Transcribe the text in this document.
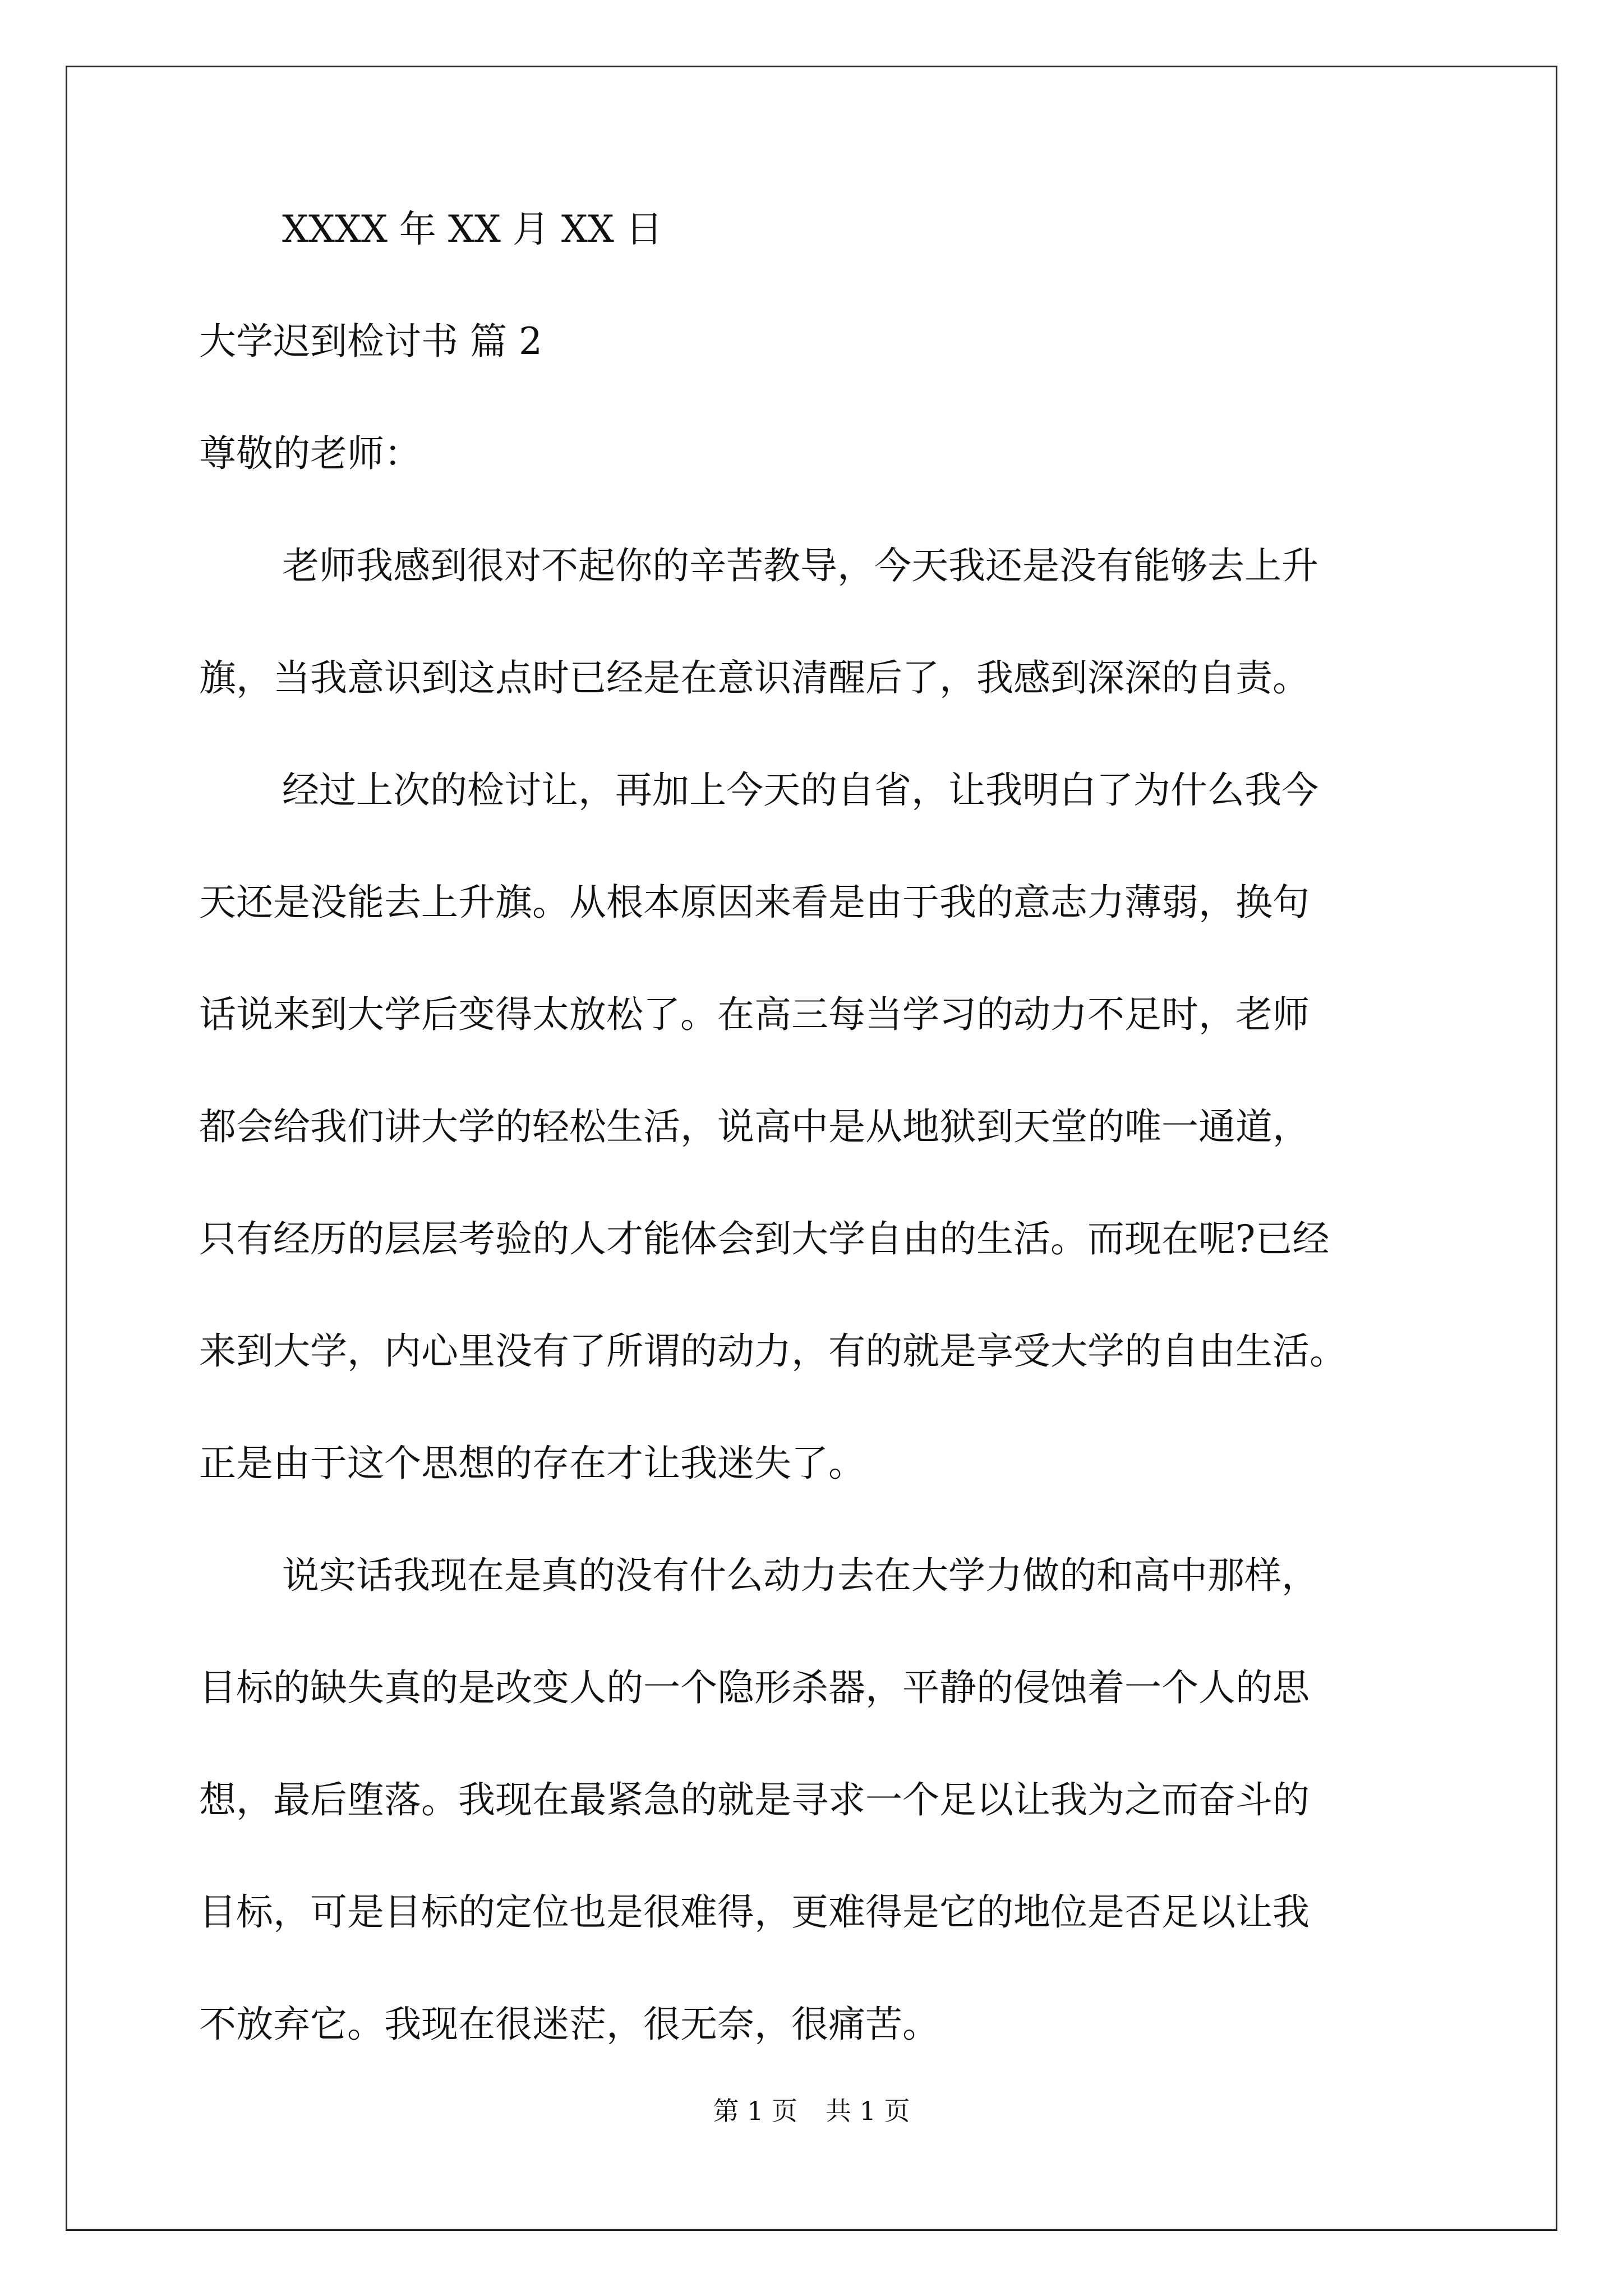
XXXX 年 XX 月 XX 日
大学迟到检讨书 篇 2
尊敬的老师：
老师我感到很对不起你的辛苦教导，今天我还是没有能够去上升
旗，当我意识到这点时已经是在意识清醒后了，我感到深深的自责。
经过上次的检讨让，再加上今天的自省，让我明白了为什么我今
天还是没能去上升旗。从根本原因来看是由于我的意志力薄弱，换句
话说来到大学后变得太放松了。在高三每当学习的动力不足时，老师
都会给我们讲大学的轻松生活，说高中是从地狱到天堂的唯一通道，
只有经历的层层考验的人才能体会到大学自由的生活。而现在呢?已经
来到大学，内心里没有了所谓的动力，有的就是享受大学的自由生活。
正是由于这个思想的存在才让我迷失了。
说实话我现在是真的没有什么动力去在大学力做的和高中那样，
目标的缺失真的是改变人的一个隐形杀器，平静的侵蚀着一个人的思
想，最后堕落。我现在最紧急的就是寻求一个足以让我为之而奋斗的
目标，可是目标的定位也是很难得，更难得是它的地位是否足以让我
不放弃它。我现在很迷茫，很无奈，很痛苦。
第 1 页 共 1 页
